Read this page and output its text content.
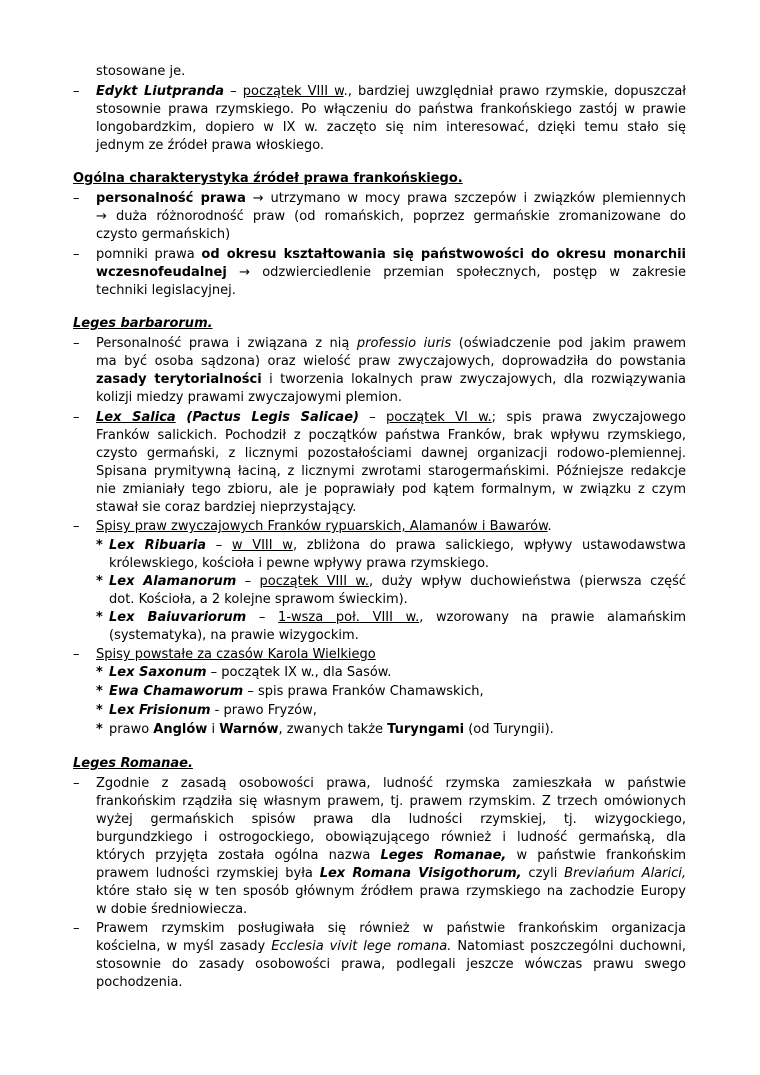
stosowane je.
–	Edykt Liutpranda – początek VIII w., bardziej uwzględniał prawo rzymskie, dopuszczał
stosownie prawa rzymskiego. Po włączeniu do państwa frankońskiego zastój w prawie
longobardzkim, dopiero w IX w. zaczęto się nim interesować, dzięki temu stało się
jednym ze źródeł prawa włoskiego.
Ogólna charakterystyka źródeł prawa frankońskiego.
–	personalność prawa → utrzymano w mocy prawa szczepów i związków plemiennych
→ duża różnorodność praw (od romańskich, poprzez germańskie zromanizowane do
czysto germańskich)
–	pomniki prawa od okresu kształtowania się państwowości do okresu monarchii
wczesnofeudalnej → odzwierciedlenie przemian społecznych, postęp w zakresie
techniki legislacyjnej.
Leges barbarorum.
–	Personalność prawa i związana z nią professio iuris (oświadczenie pod jakim prawem
ma być osoba sądzona) oraz wielość praw zwyczajowych, doprowadziła do powstania
zasady terytorialności i tworzenia lokalnych praw zwyczajowych, dla rozwiązywania
kolizji miedzy prawami zwyczajowymi plemion.
–	Lex Salica (Pactus Legis Salicae) – początek VI w.; spis prawa zwyczajowego
Franków salickich. Pochodził z początków państwa Franków, brak wpływu rzymskiego,
czysto germański, z licznymi pozostałościami dawnej organizacji rodowo-plemiennej.
Spisana prymitywną łaciną, z licznymi zwrotami starogermańskimi. Późniejsze redakcje
nie zmianiały tego zbioru, ale je poprawiały pod kątem formalnym, w związku z czym
stawał sie coraz bardziej nieprzystający.
–	Spisy praw zwyczajowych Franków rypuarskich, Alamanów i Bawarów.
* Lex Ribuaria – w VIII w, zbliżona do prawa salickiego, wpływy ustawodawstwa
królewskiego, kościoła i pewne wpływy prawa rzymskiego.
* Lex Alamanorum – początek VIII w., duży wpływ duchowieństwa (pierwsza część
dot. Kościoła, a 2 kolejne sprawom świeckim).
* Lex Baiuvariorum – 1-wsza poł. VIII w., wzorowany na prawie alamańskim
(systematyka), na prawie wizygockim.
–	Spisy powstałe za czasów Karola Wielkiego
* Lex Saxonum – początek IX w., dla Sasów.
* Ewa Chamaworum – spis prawa Franków Chamawskich,
* Lex Frisionum - prawo Fryzów,
* prawo Anglów i Warnów, zwanych także Turyngami (od Turyngii).
Leges Romanae.
–	Zgodnie z zasadą osobowości prawa, ludność rzymska zamieszkała w państwie
frankońskim rządziła się własnym prawem, tj. prawem rzymskim. Z trzech omówionych
wyżej germańskich spisów prawa dla ludności rzymskiej, tj. wizygockiego,
burgundzkiego i ostrogockiego, obowiązującego również i ludność germańską, dla
których przyjęta została ogólna nazwa Leges Romanae, w państwie frankońskim
prawem ludności rzymskiej była Lex Romana Visigothorum, czyli Breviańum Alarici,
które stało się w ten sposób głównym źródłem prawa rzymskiego na zachodzie Europy
w dobie średniowiecza.
–	Prawem rzymskim posługiwała się również w państwie frankońskim organizacja
kościelna, w myśl zasady Ecclesia vivit lege romana. Natomiast poszczególni duchowni,
stosownie do zasady osobowości prawa, podlegali jeszcze wówczas prawu swego
pochodzenia.
